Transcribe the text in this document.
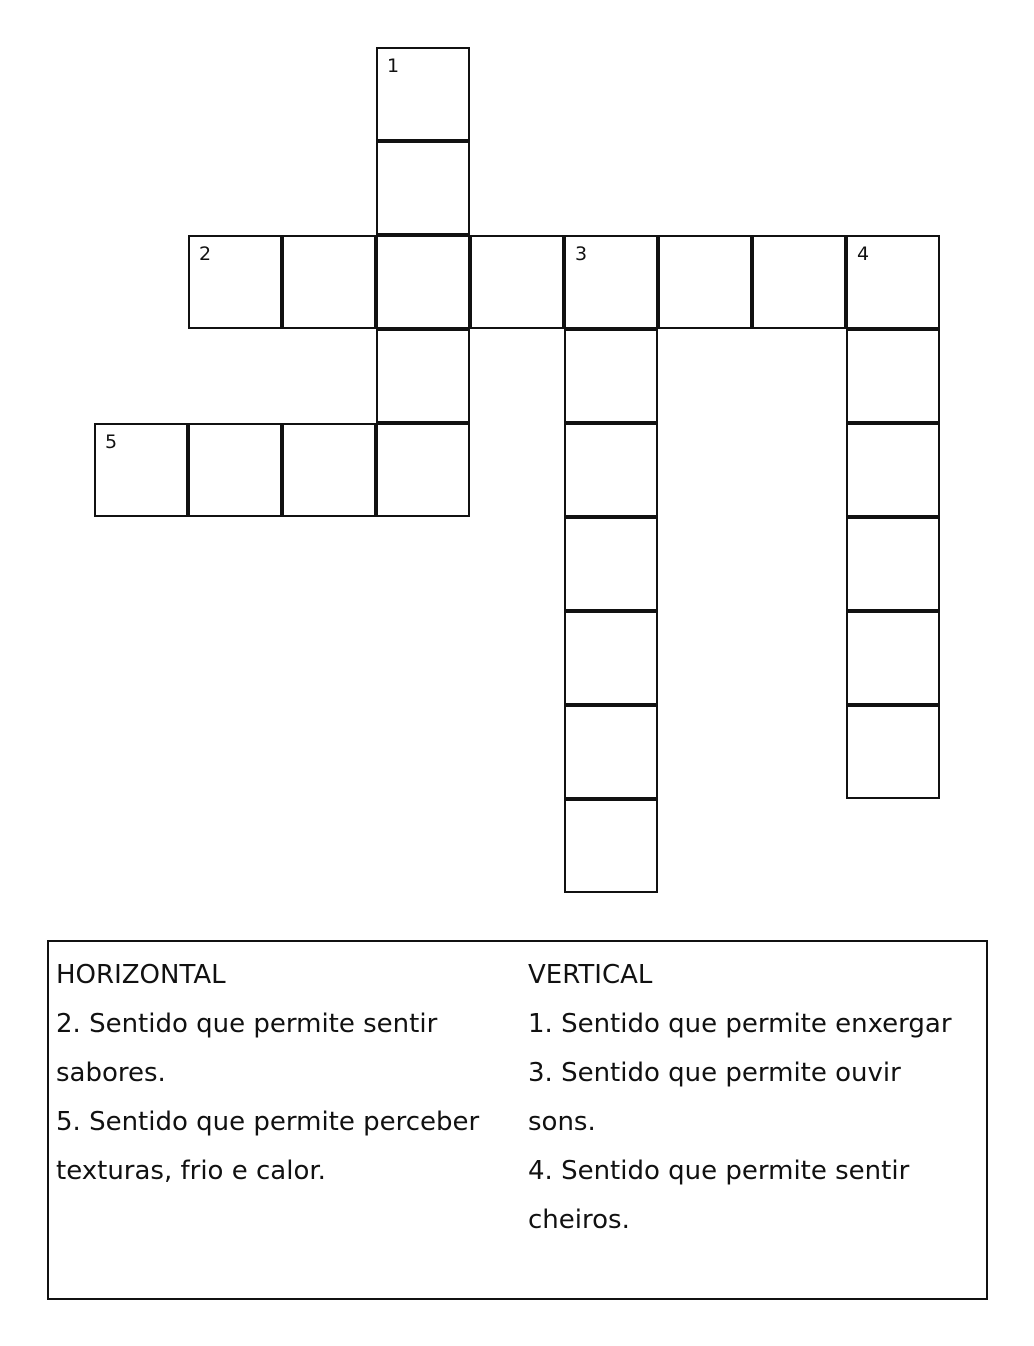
1
2	3	4
5
HORIZONTAL
2. Sentido que permite sentir sabores.
5. Sentido que permite perceber texturas, frio e calor.
VERTICAL
1. Sentido que permite enxergar
3. Sentido que permite ouvir sons.
4. Sentido que permite sentir cheiros.
